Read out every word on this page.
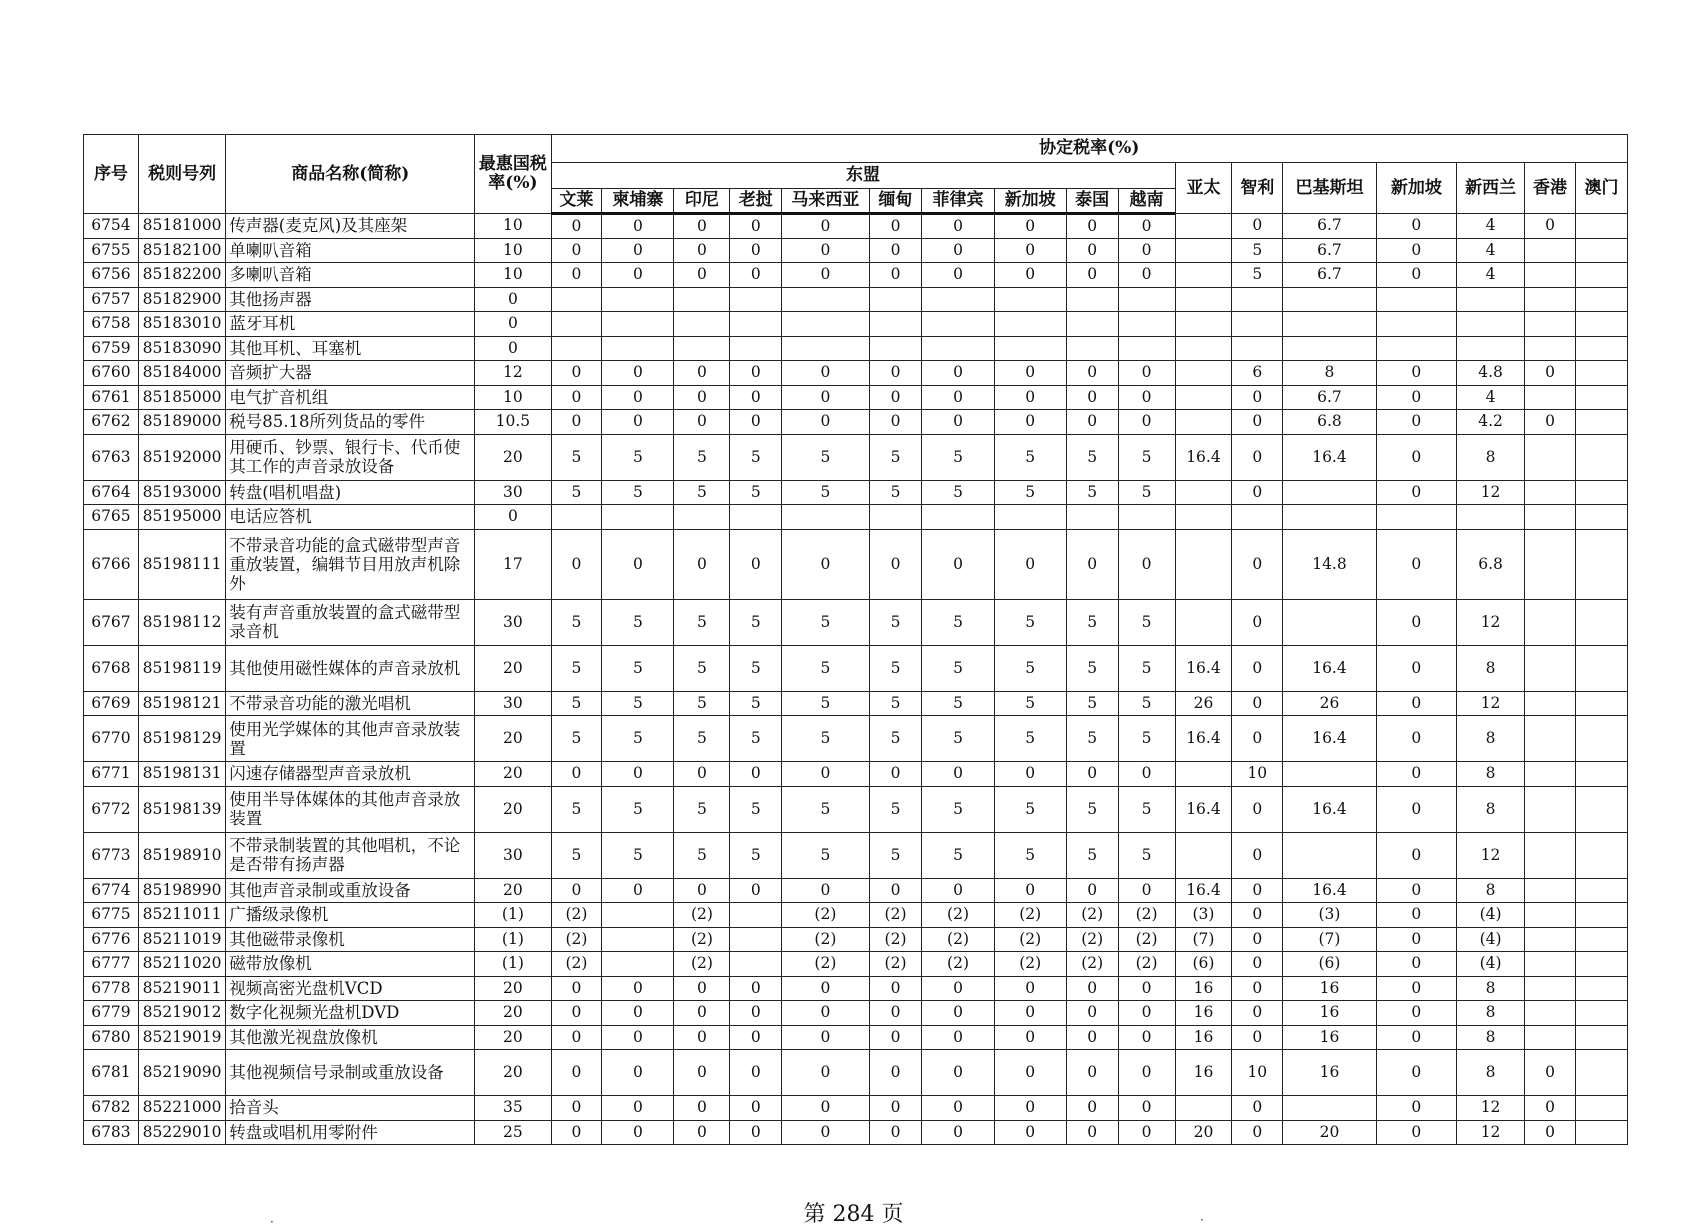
序号	税则号列	商品名称(简称)	最惠国税率(%)	协定税率(%)																
				东盟										亚太	智利	巴基斯坦	新加坡	新西兰	香港	澳门
				文莱	柬埔寨	印尼	老挝	马来西亚	缅甸	菲律宾	新加坡	泰国	越南							
6754	85181000	传声器(麦克风)及其座架	10	0	0	0	0	0	0	0	0	0	0		0	6.7	0	4	0	
6755	85182100	单喇叭音箱	10	0	0	0	0	0	0	0	0	0	0		5	6.7	0	4		
6756	85182200	多喇叭音箱	10	0	0	0	0	0	0	0	0	0	0		5	6.7	0	4		
6757	85182900	其他扬声器	0																	
6758	85183010	蓝牙耳机	0																	
6759	85183090	其他耳机、耳塞机	0																	
6760	85184000	音频扩大器	12	0	0	0	0	0	0	0	0	0	0		6	8	0	4.8	0	
6761	85185000	电气扩音机组	10	0	0	0	0	0	0	0	0	0	0		0	6.7	0	4		
6762	85189000	税号85.18所列货品的零件	10.5	0	0	0	0	0	0	0	0	0	0		0	6.8	0	4.2	0	
6763	85192000	用硬币、钞票、银行卡、代币使其工作的声音录放设备	20	5	5	5	5	5	5	5	5	5	5	16.4	0	16.4	0	8		
6764	85193000	转盘(唱机唱盘)	30	5	5	5	5	5	5	5	5	5	5		0		0	12		
6765	85195000	电话应答机	0																	
6766	85198111	不带录音功能的盒式磁带型声音重放装置，编辑节目用放声机除外	17	0	0	0	0	0	0	0	0	0	0		0	14.8	0	6.8		
6767	85198112	装有声音重放装置的盒式磁带型录音机	30	5	5	5	5	5	5	5	5	5	5		0		0	12		
6768	85198119	其他使用磁性媒体的声音录放机	20	5	5	5	5	5	5	5	5	5	5	16.4	0	16.4	0	8		
6769	85198121	不带录音功能的激光唱机	30	5	5	5	5	5	5	5	5	5	5	26	0	26	0	12		
6770	85198129	使用光学媒体的其他声音录放装置	20	5	5	5	5	5	5	5	5	5	5	16.4	0	16.4	0	8		
6771	85198131	闪速存储器型声音录放机	20	0	0	0	0	0	0	0	0	0	0		10		0	8		
6772	85198139	使用半导体媒体的其他声音录放装置	20	5	5	5	5	5	5	5	5	5	5	16.4	0	16.4	0	8		
6773	85198910	不带录制装置的其他唱机，不论是否带有扬声器	30	5	5	5	5	5	5	5	5	5	5		0		0	12		
6774	85198990	其他声音录制或重放设备	20	0	0	0	0	0	0	0	0	0	0	16.4	0	16.4	0	8		
6775	85211011	广播级录像机	(1)	(2)		(2)		(2)	(2)	(2)	(2)	(2)	(2)	(3)	0	(3)	0	(4)		
6776	85211019	其他磁带录像机	(1)	(2)		(2)		(2)	(2)	(2)	(2)	(2)	(2)	(7)	0	(7)	0	(4)		
6777	85211020	磁带放像机	(1)	(2)		(2)		(2)	(2)	(2)	(2)	(2)	(2)	(6)	0	(6)	0	(4)		
6778	85219011	视频高密光盘机VCD	20	0	0	0	0	0	0	0	0	0	0	16	0	16	0	8		
6779	85219012	数字化视频光盘机DVD	20	0	0	0	0	0	0	0	0	0	0	16	0	16	0	8		
6780	85219019	其他激光视盘放像机	20	0	0	0	0	0	0	0	0	0	0	16	0	16	0	8		
6781	85219090	其他视频信号录制或重放设备	20	0	0	0	0	0	0	0	0	0	0	16	10	16	0	8	0	
6782	85221000	拾音头	35	0	0	0	0	0	0	0	0	0	0		0		0	12	0	
6783	85229010	转盘或唱机用零附件	25	0	0	0	0	0	0	0	0	0	0	20	0	20	0	12	0	
第 284 页
·	·
